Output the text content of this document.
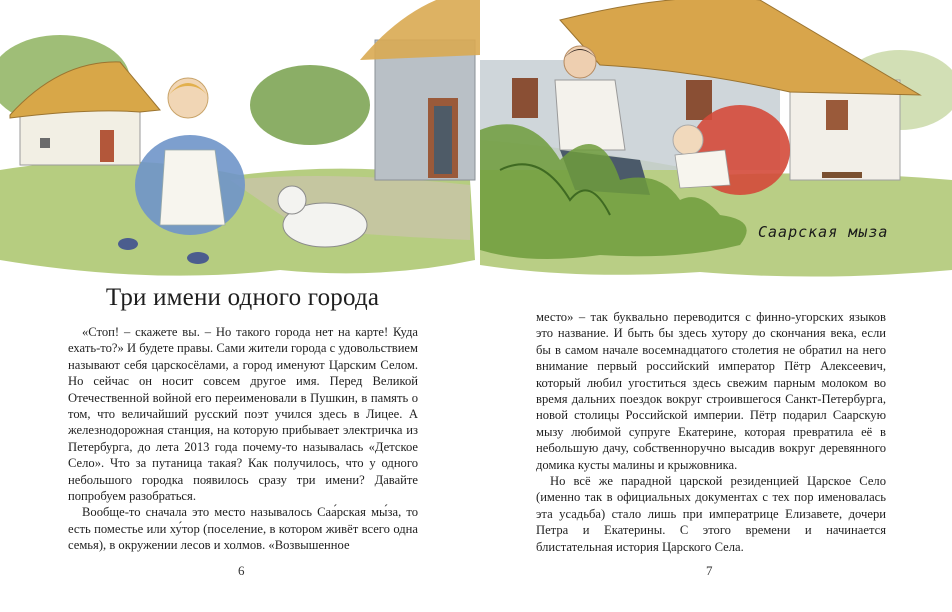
Саарская мыза
Три имени одного города

«Стоп! – скажете вы. – Но такого города нет на карте! Куда ехать-то?» И будете правы. Сами жители города с удовольствием называют себя царскосёлами, а город именуют Царским Селом. Но сейчас он носит совсем другое имя. Перед Великой Отечественной войной его переименовали в Пушкин, в память о том, что величайший русский поэт учился здесь в Лицее. А железнодорожная станция, на которую прибывает электричка из Петербурга, до лета 2013 года почему-то называлась «Детское Село». Что за путаница такая? Как получилось, что у одного небольшого городка появилось сразу три имени? Давайте попробуем разобраться.

Вообще-то сначала это место называлось Саа́рская мы́за, то есть поместье или ху́тор (поселение, в котором живёт всего одна семья), в окружении лесов и холмов. «Возвышенное

место» – так буквально переводится с финно-угорских языков это название. И быть бы здесь хутору до скончания века, если бы в самом начале восемнадцатого столетия не обратил на него внимание первый российский император Пётр Алексеевич, который любил угоститься здесь свежим парным молоком во время дальних поездок вокруг строившегося Санкт-Петербурга, новой столицы Российской империи. Пётр подарил Саарскую мызу любимой супруге Екатерине, которая превратила её в небольшую дачу, собственноручно высадив вокруг деревянного домика кусты малины и крыжовника.

Но всё же парадной царской резиденцией Царское Село (именно так в официальных документах с тех пор именовалась эта усадьба) стало лишь при императрице Елизавете, дочери Петра и Екатерины. С этого времени и начинается блистательная история Царского Села.

6	7
